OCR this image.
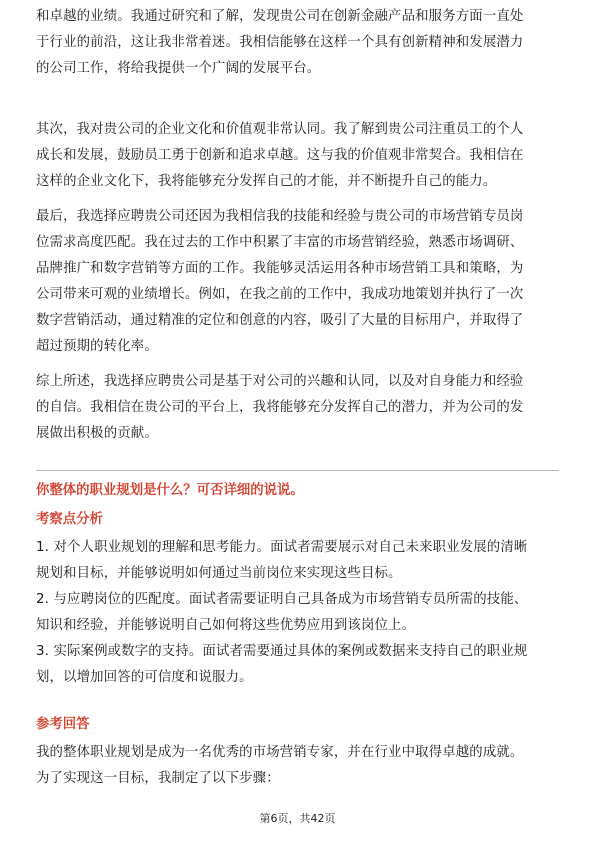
和卓越的业绩。我通过研究和了解，发现贵公司在创新金融产品和服务方面一直处
于行业的前沿，这让我非常着迷。我相信能够在这样一个具有创新精神和发展潜力
的公司工作，将给我提供一个广阔的发展平台。
其次，我对贵公司的企业文化和价值观非常认同。我了解到贵公司注重员工的个人
成长和发展，鼓励员工勇于创新和追求卓越。这与我的价值观非常契合。我相信在
这样的企业文化下，我将能够充分发挥自己的才能，并不断提升自己的能力。
最后，我选择应聘贵公司还因为我相信我的技能和经验与贵公司的市场营销专员岗
位需求高度匹配。我在过去的工作中积累了丰富的市场营销经验，熟悉市场调研、
品牌推广和数字营销等方面的工作。我能够灵活运用各种市场营销工具和策略，为
公司带来可观的业绩增长。例如，在我之前的工作中，我成功地策划并执行了一次
数字营销活动，通过精准的定位和创意的内容，吸引了大量的目标用户，并取得了
超过预期的转化率。
综上所述，我选择应聘贵公司是基于对公司的兴趣和认同，以及对自身能力和经验
的自信。我相信在贵公司的平台上，我将能够充分发挥自己的潜力，并为公司的发
展做出积极的贡献。
你整体的职业规划是什么？可否详细的说说。
考察点分析
1. 对个人职业规划的理解和思考能力。面试者需要展示对自己未来职业发展的清晰
规划和目标，并能够说明如何通过当前岗位来实现这些目标。
2. 与应聘岗位的匹配度。面试者需要证明自己具备成为市场营销专员所需的技能、
知识和经验，并能够说明自己如何将这些优势应用到该岗位上。
3. 实际案例或数字的支持。面试者需要通过具体的案例或数据来支持自己的职业规
划，以增加回答的可信度和说服力。
参考回答
我的整体职业规划是成为一名优秀的市场营销专家，并在行业中取得卓越的成就。
为了实现这一目标，我制定了以下步骤：
第6页，共42页
